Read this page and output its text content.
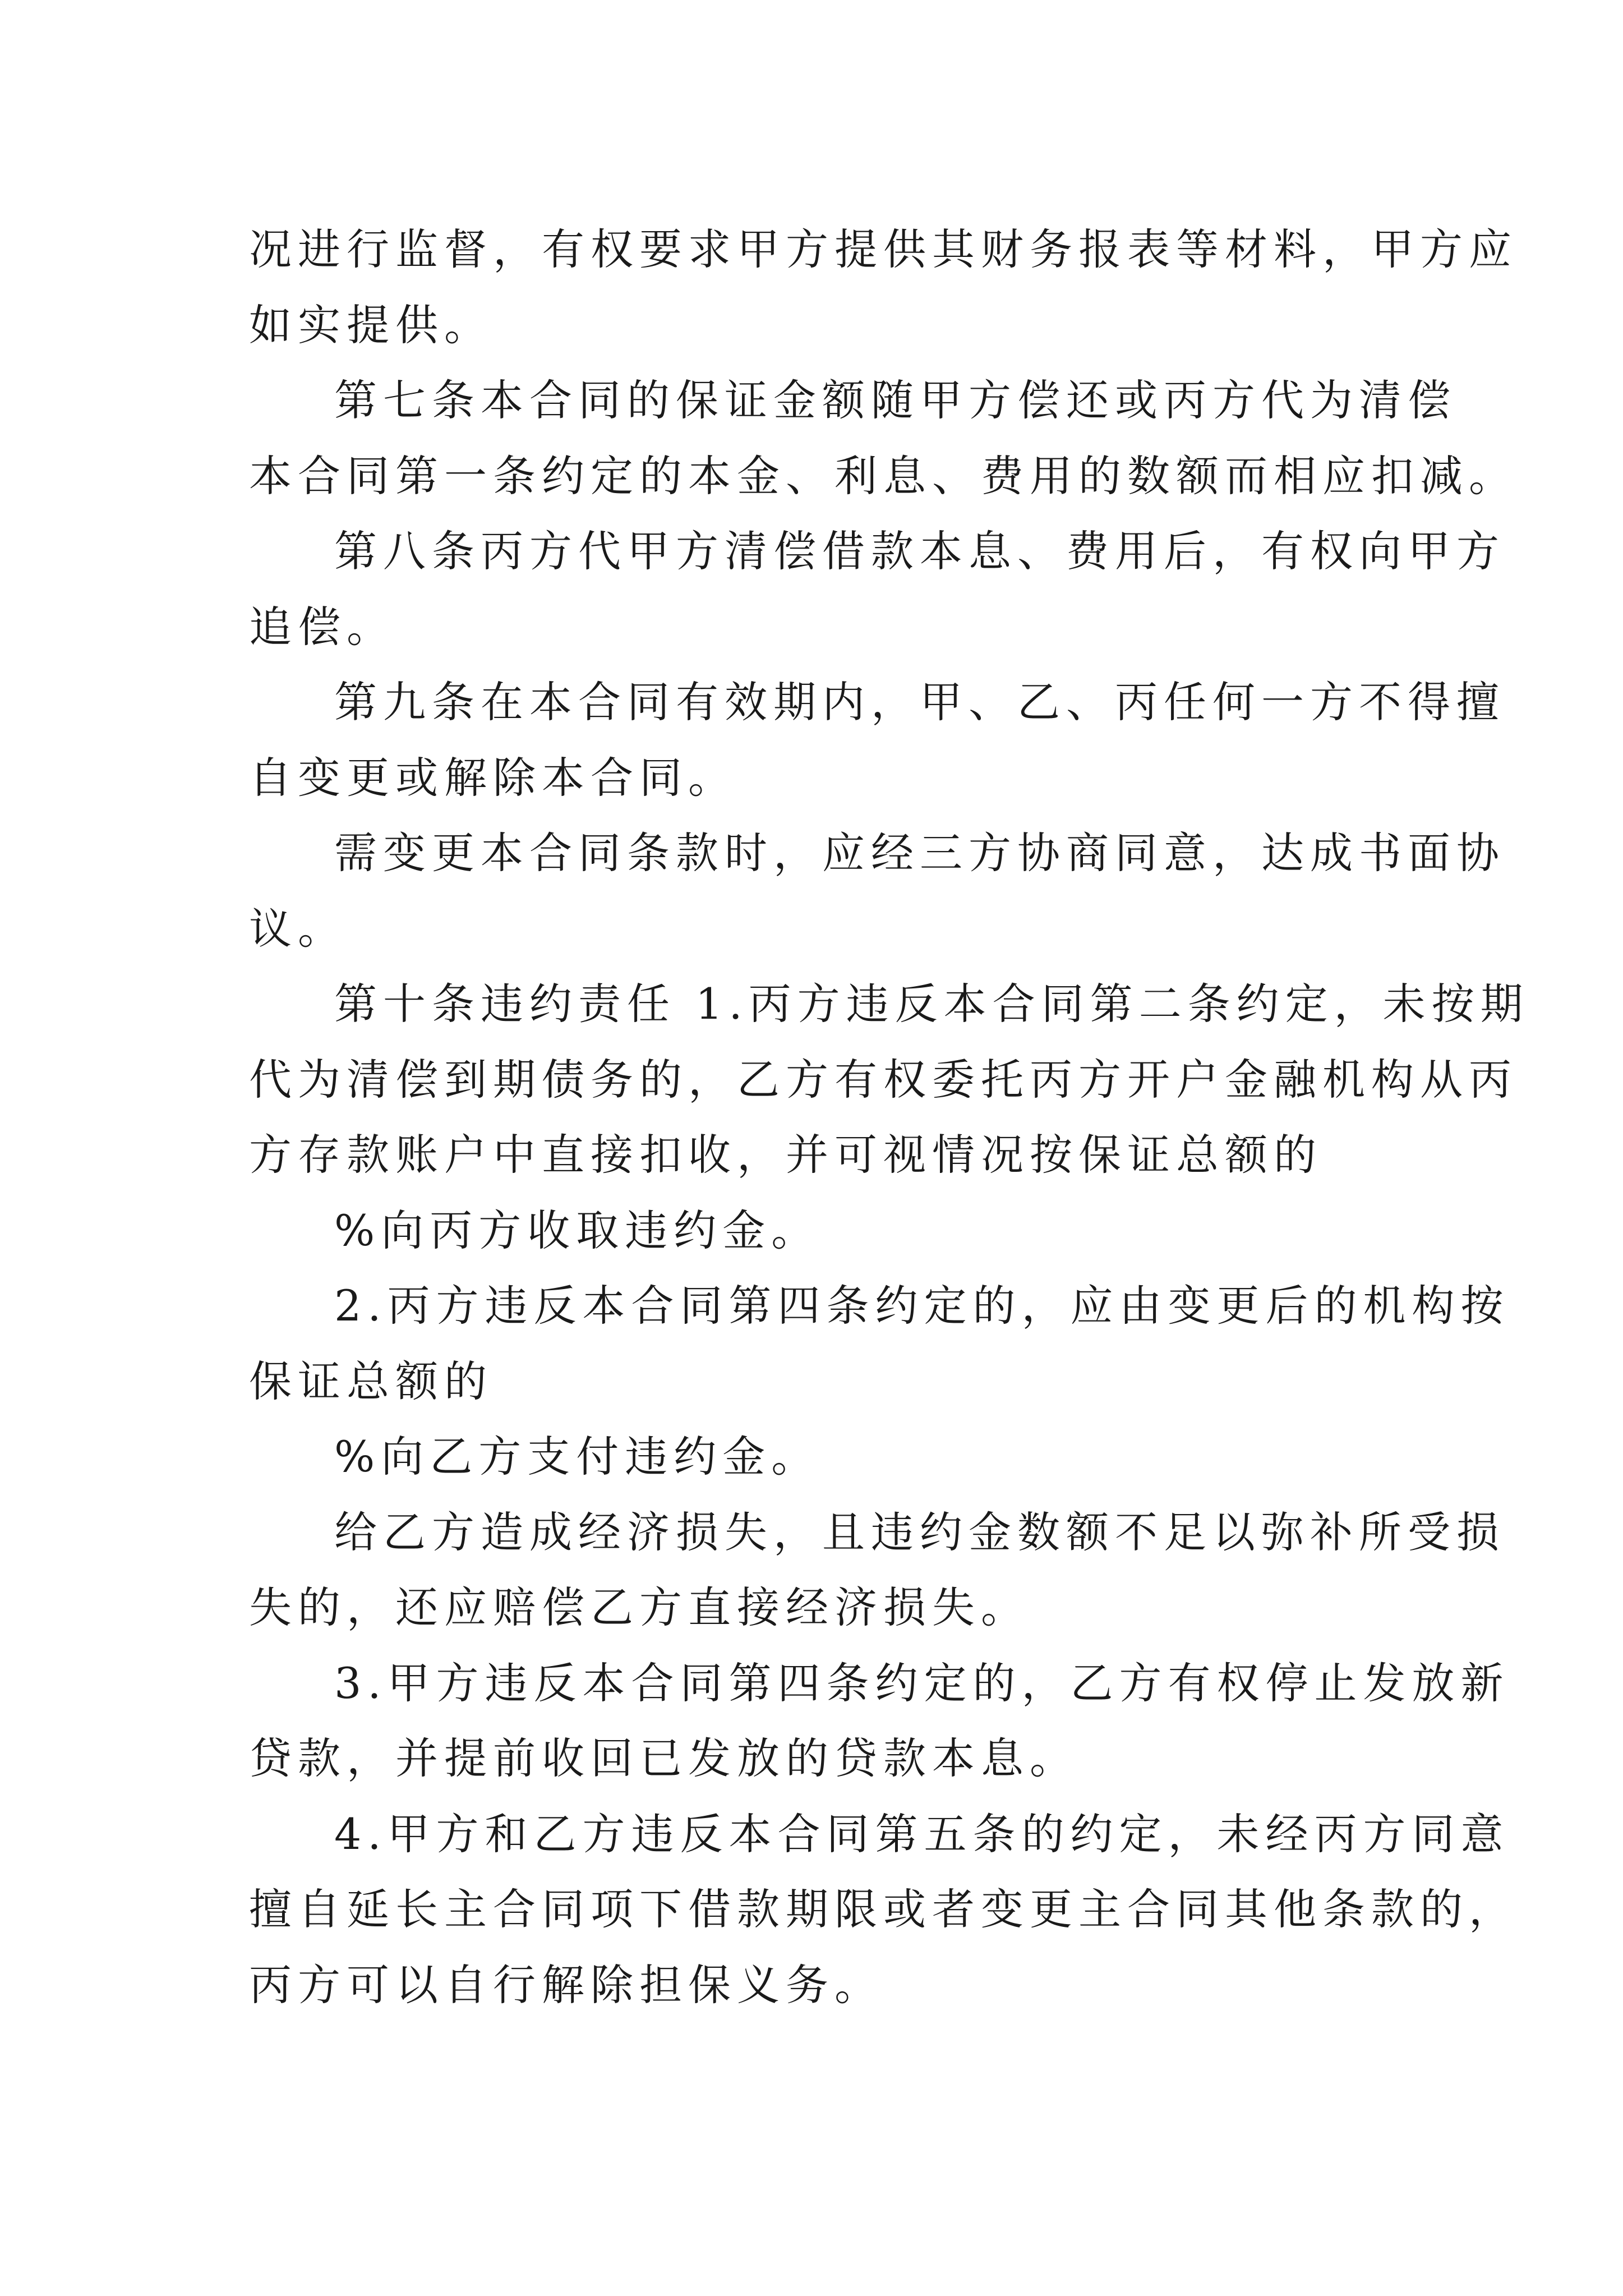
况进行监督，有权要求甲方提供其财务报表等材料，甲方应
如实提供。
第七条本合同的保证金额随甲方偿还或丙方代为清偿
本合同第一条约定的本金、利息、费用的数额而相应扣减。
第八条丙方代甲方清偿借款本息、费用后，有权向甲方
追偿。
第九条在本合同有效期内，甲、乙、丙任何一方不得擅
自变更或解除本合同。
需变更本合同条款时，应经三方协商同意，达成书面协
议。
第十条违约责任 1.丙方违反本合同第二条约定，未按期
代为清偿到期债务的，乙方有权委托丙方开户金融机构从丙
方存款账户中直接扣收，并可视情况按保证总额的
%向丙方收取违约金。
2.丙方违反本合同第四条约定的，应由变更后的机构按
保证总额的
%向乙方支付违约金。
给乙方造成经济损失，且违约金数额不足以弥补所受损
失的，还应赔偿乙方直接经济损失。
3.甲方违反本合同第四条约定的，乙方有权停止发放新
贷款，并提前收回已发放的贷款本息。
4.甲方和乙方违反本合同第五条的约定，未经丙方同意
擅自延长主合同项下借款期限或者变更主合同其他条款的，
丙方可以自行解除担保义务。
